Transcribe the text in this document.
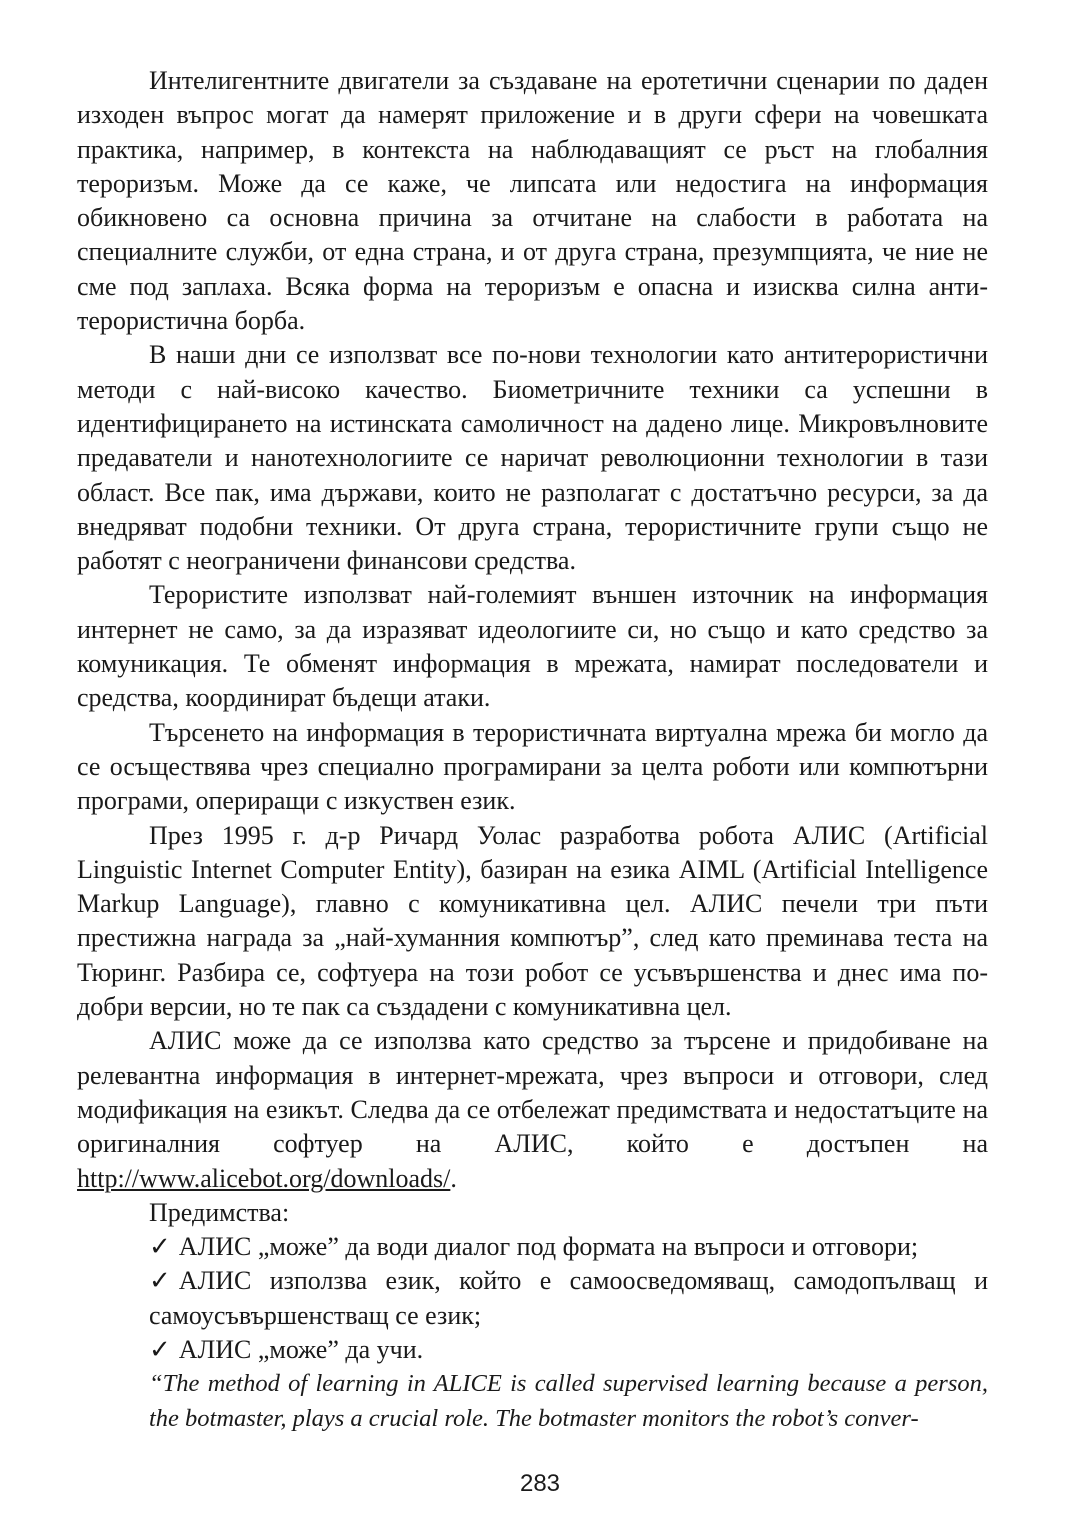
Интелигентните двигатели за създаване на еротетични сценарии по даден изходен въпрос могат да намерят приложение и в други сфери на човешката практика, например, в контекста на наблюдаващият се ръст на глобалния тероризъм. Може да се каже, че липсата или недостига на информация обикновено са основна причина за отчитане на слабости в работата на специалните служби, от една страна, и от друга страна, презумпцията, че ние не сме под заплаха. Всяка форма на тероризъм е опасна и изисква силна анти-терористична борба.

В наши дни се използват все по-нови технологии като антитерористични методи с най-високо качество. Биометричните техники са успешни в идентифицирането на истинската самоличност на дадено лице. Микровълновите предаватели и нанотехнологиите се наричат революционни технологии в тази област. Все пак, има държави, които не разполагат с достатъчно ресурси, за да внедряват подобни техники. От друга страна, терористичните групи също не работят с неограничени финансови средства.

Терористите използват най-големият външен източник на информация интернет не само, за да изразяват идеологиите си, но също и като средство за комуникация. Те обменят информация в мрежата, намират последователи и средства, координират бъдещи атаки.

Търсенето на информация в терористичната виртуална мрежа би могло да се осъществява чрез специално програмирани за целта роботи или компютърни програми, опериращи с изкуствен език.

През 1995 г. д-р Ричард Уолас разработва робота АЛИС (Artificial Linguistic Internet Computer Entity), базиран на езика AIML (Artificial Intelligence Markup Language), главно с комуникативна цел. АЛИС печели три пъти престижна награда за „най-хуманния компютър”, след като преминава теста на Тюринг. Разбира се, софтуера на този робот се усъвършенства и днес има по-добри версии, но те пак са създадени с комуникативна цел.

АЛИС може да се използва като средство за търсене и придобиване на релевантна информация в интернет-мрежата, чрез въпроси и отговори, след модификация на езикът. Следва да се отбележат предимствата и недостатъците на оригиналния софтуер на АЛИС, който е достъпен на http://www.alicebot.org/downloads/.

Предимства:

✓ АЛИС „може” да води диалог под формата на въпроси и отговори;

✓ АЛИС използва език, който е самоосведомяващ, самодопълващ и самоусъвършенстващ се език;

✓ АЛИС „може” да учи.

“The method of learning in ALICE is called supervised learning because a person, the botmaster, plays a crucial role. The botmaster monitors the robot’s conver-

283
